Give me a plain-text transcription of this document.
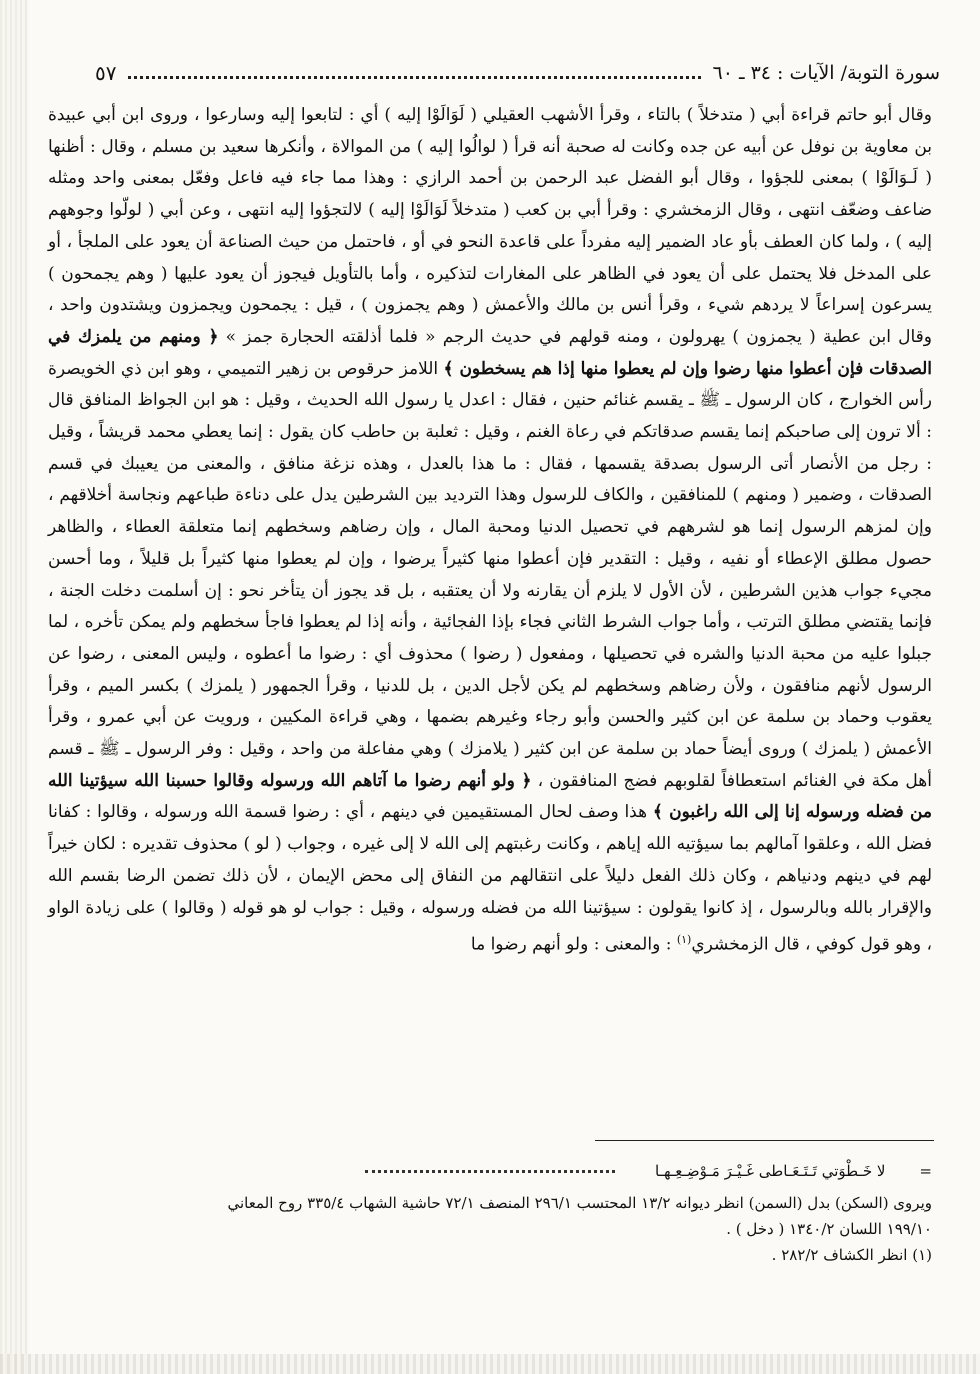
سورة التوبة/ الآيات : ٣٤ ـ ٦٠
٥٧
وقال أبو حاتم قراءة أبي ( متدخلاً ) بالتاء ، وقرأ الأشهب العقيلي ( لَوَالَوْا إليه ) أي : لتابعوا إليه وسارعوا ، وروى ابن أبي عبيدة بن معاوية بن نوفل عن أبيه عن جده وكانت له صحبة أنه قرأ ( لوالُوا إليه ) من الموالاة ، وأنكرها سعيد بن مسلم ، وقال : أظنها ( لَـوَالَوْا ) بمعنى للجؤوا ، وقال أبو الفضل عبد الرحمن بن أحمد الرازي : وهذا مما جاء فيه فاعل وفعّل بمعنى واحد ومثله ضاعف وضعّف انتهى ، وقال الزمخشري : وقرأ أبي بن كعب ( متدخلاً لَوَالَوْا إليه ) لالتجؤوا إليه انتهى ، وعن أبي ( لولّوا وجوههم إليه ) ، ولما كان العطف بأو عاد الضمير إليه مفرداً على قاعدة النحو في أو ، فاحتمل من حيث الصناعة أن يعود على الملجأ ، أو على المدخل فلا يحتمل على أن يعود في الظاهر على المغارات لتذكيره ، وأما بالتأويل فيجوز أن يعود عليها ( وهم يجمحون ) يسرعون إسراعاً لا يردهم شيء ، وقرأ أنس بن مالك والأعمش ( وهم يجمزون ) ، قيل : يجمحون ويجمزون ويشتدون واحد ، وقال ابن عطية ( يجمزون ) يهرولون ، ومنه قولهم في حديث الرجم « فلما أذلقته الحجارة جمز » ﴿ ومنهم من يلمزك في الصدقات فإن أعطوا منها رضوا وإن لم يعطوا منها إذا هم يسخطون ﴾ اللامز حرقوص بن زهير التميمي ، وهو ابن ذي الخويصرة رأس الخوارج ، كان الرسول ـ ﷺ ـ يقسم غنائم حنين ، فقال : اعدل يا رسول الله الحديث ، وقيل : هو ابن الجواظ المنافق قال : ألا ترون إلى صاحبكم إنما يقسم صدقاتكم في رعاة الغنم ، وقيل : ثعلبة بن حاطب كان يقول : إنما يعطي محمد قريشاً ، وقيل : رجل من الأنصار أتى الرسول بصدقة يقسمها ، فقال : ما هذا بالعدل ، وهذه نزغة منافق ، والمعنى من يعيبك في قسم الصدقات ، وضمير ( ومنهم ) للمنافقين ، والكاف للرسول وهذا الترديد بين الشرطين يدل على دناءة طباعهم ونجاسة أخلاقهم ، وإن لمزهم الرسول إنما هو لشرههم في تحصيل الدنيا ومحبة المال ، وإن رضاهم وسخطهم إنما متعلقة العطاء ، والظاهر حصول مطلق الإعطاء أو نفيه ، وقيل : التقدير فإن أعطوا منها كثيراً يرضوا ، وإن لم يعطوا منها كثيراً بل قليلاً ، وما أحسن مجيء جواب هذين الشرطين ، لأن الأول لا يلزم أن يقارنه ولا أن يعتقبه ، بل قد يجوز أن يتأخر نحو : إن أسلمت دخلت الجنة ، فإنما يقتضي مطلق الترتب ، وأما جواب الشرط الثاني فجاء بإذا الفجائية ، وأنه إذا لم يعطوا فاجأ سخطهم ولم يمكن تأخره ، لما جبلوا عليه من محبة الدنيا والشره في تحصيلها ، ومفعول ( رضوا ) محذوف أي : رضوا ما أعطوه ، وليس المعنى ، رضوا عن الرسول لأنهم منافقون ، ولأن رضاهم وسخطهم لم يكن لأجل الدين ، بل للدنيا ، وقرأ الجمهور ( يلمزك ) بكسر الميم ، وقرأ يعقوب وحماد بن سلمة عن ابن كثير والحسن وأبو رجاء وغيرهم بضمها ، وهي قراءة المكيين ، ورويت عن أبي عمرو ، وقرأ الأعمش ( يلمزك ) وروى أيضاً حماد بن سلمة عن ابن كثير ( يلامزك ) وهي مفاعلة من واحد ، وقيل : وفر الرسول ـ ﷺ ـ قسم أهل مكة في الغنائم استعطافاً لقلوبهم فضج المنافقون ، ﴿ ولو أنهم رضوا ما آتاهم الله ورسوله وقالوا حسبنا الله سيؤتينا الله من فضله ورسوله إنا إلى الله راغبون ﴾ هذا وصف لحال المستقيمين في دينهم ، أي : رضوا قسمة الله ورسوله ، وقالوا : كفانا فضل الله ، وعلقوا آمالهم بما سيؤتيه الله إياهم ، وكانت رغبتهم إلى الله لا إلى غيره ، وجواب ( لو ) محذوف تقديره : لكان خيراً لهم في دينهم ودنياهم ، وكان ذلك الفعل دليلاً على انتقالهم من النفاق إلى محض الإيمان ، لأن ذلك تضمن الرضا بقسم الله والإقرار بالله وبالرسول ، إذ كانوا يقولون : سيؤتينا الله من فضله ورسوله ، وقيل : جواب لو هو قوله ( وقالوا ) على زيادة الواو ، وهو قول كوفي ، قال الزمخشري$^{(١)}$ : والمعنى : ولو أنهم رضوا ما
=
لا خَـطْوَتي تَـتَـعَـاطى غَـيْـرَ مَـوْضِـعِـهـا
ويروى (السكن) بدل (السمن) انظر ديوانه ١٣/٢ المحتسب ٢٩٦/١ المنصف ٧٢/١ حاشية الشهاب ٣٣٥/٤ روح المعاني
١٩٩/١٠ اللسان ١٣٤٠/٢ ( دخل ) .
(١) انظر الكشاف ٢٨٢/٢ .
